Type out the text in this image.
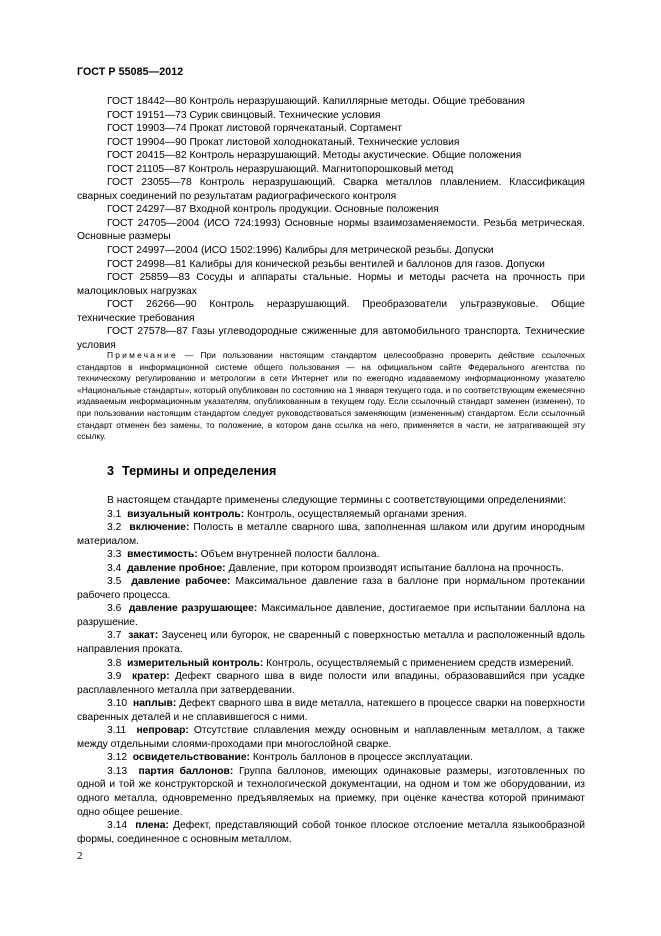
ГОСТ Р 55085—2012

ГОСТ 18442—80 Контроль неразрушающий. Капиллярные методы. Общие требования

ГОСТ 19151—73 Сурик свинцовый. Технические условия

ГОСТ 19903—74 Прокат листовой горячекатаный. Сортамент

ГОСТ 19904—90 Прокат листовой холоднокатаный. Технические условия

ГОСТ 20415—82 Контроль неразрушающий. Методы акустические. Общие положения

ГОСТ 21105—87 Контроль неразрушающий. Магнитопорошковый метод

ГОСТ 23055—78 Контроль неразрушающий. Сварка металлов плавлением. Классификация сварных соединений по результатам радиографического контроля

ГОСТ 24297—87 Входной контроль продукции. Основные положения

ГОСТ 24705—2004 (ИСО 724:1993) Основные нормы взаимозаменяемости. Резьба метрическая. Основные размеры

ГОСТ 24997—2004 (ИСО 1502:1996) Калибры для метрической резьбы. Допуски

ГОСТ 24998—81 Калибры для конической резьбы вентилей и баллонов для газов. Допуски

ГОСТ 25859—83 Сосуды и аппараты стальные. Нормы и методы расчета на прочность при малоцикловых нагрузках

ГОСТ 26266—90 Контроль неразрушающий. Преобразователи ультразвуковые. Общие технические требования

ГОСТ 27578—87 Газы углеводородные сжиженные для автомобильного транспорта. Технические условия

Примечание — При пользовании настоящим стандартом целесообразно проверить действие ссылочных стандартов в информационной системе общего пользования — на официальном сайте Федерального агентства по техническому регулированию и метрологии в сети Интернет или по ежегодно издаваемому информационному указателю «Национальные стандарты», который опубликован по состоянию на 1 января текущего года, и по соответствующим ежемесячно издаваемым информационным указателям, опубликованным в текущем году. Если ссылочный стандарт заменен (изменен), то при пользовании настоящим стандартом следует руководствоваться заменяющим (измененным) стандартом. Если ссылочный стандарт отменен без замены, то положение, в котором дана ссылка на него, применяется в части, не затрагивающей эту ссылку.

3 Термины и определения

В настоящем стандарте применены следующие термины с соответствующими определениями:

3.1 визуальный контроль: Контроль, осуществляемый органами зрения.

3.2 включение: Полость в металле сварного шва, заполненная шлаком или другим инородным материалом.

3.3 вместимость: Объем внутренней полости баллона.

3.4 давление пробное: Давление, при котором производят испытание баллона на прочность.

3.5 давление рабочее: Максимальное давление газа в баллоне при нормальном протекании рабочего процесса.

3.6 давление разрушающее: Максимальное давление, достигаемое при испытании баллона на разрушение.

3.7 закат: Заусенец или бугорок, не сваренный с поверхностью металла и расположенный вдоль направления проката.

3.8 измерительный контроль: Контроль, осуществляемый с применением средств измерений.

3.9 кратер: Дефект сварного шва в виде полости или впадины, образовавшийся при усадке расплавленного металла при затвердевании.

3.10 наплыв: Дефект сварного шва в виде металла, натекшего в процессе сварки на поверхности сваренных деталей и не сплавившегося с ними.

3.11 непровар: Отсутствие сплавления между основным и наплавленным металлом, а также между отдельными слоями-проходами при многослойной сварке.

3.12 освидетельствование: Контроль баллонов в процессе эксплуатации.

3.13 партия баллонов: Группа баллонов, имеющих одинаковые размеры, изготовленных по одной и той же конструкторской и технологической документации, на одном и том же оборудовании, из одного металла, одновременно предъявляемых на приемку, при оценке качества которой принимают одно общее решение.

3.14 плена: Дефект, представляющий собой тонкое плоское отслоение металла языкообразной формы, соединенное с основным металлом.

2
